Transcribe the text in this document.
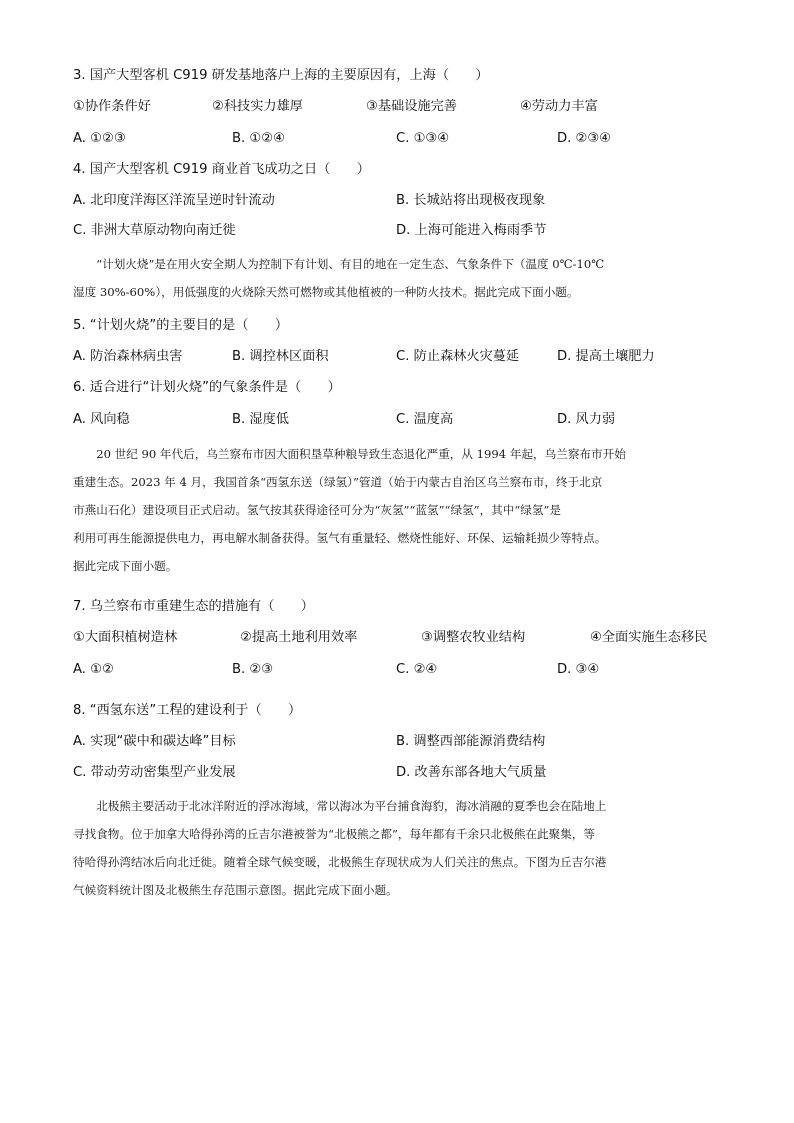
3. 国产大型客机 C919 研发基地落户上海的主要原因有，上海（　　）
①协作条件好	②科技实力雄厚	③基础设施完善	④劳动力丰富
A. ①②③	B. ①②④	C. ①③④	D. ②③④
4. 国产大型客机 C919 商业首飞成功之日（　　）
A. 北印度洋海区洋流呈逆时针流动	B. 长城站将出现极夜现象
C. 非洲大草原动物向南迁徙	D. 上海可能进入梅雨季节
“计划火烧”是在用火安全期人为控制下有计划、有目的地在一定生态、气象条件下（温度 0℃-10℃
湿度 30%-60%），用低强度的火烧除天然可燃物或其他植被的一种防火技术。据此完成下面小题。
5. “计划火烧”的主要目的是（　　）
A. 防治森林病虫害	B. 调控林区面积	C. 防止森林火灾蔓延	D. 提高土壤肥力
6. 适合进行“计划火烧”的气象条件是（　　）
A. 风向稳	B. 湿度低	C. 温度高	D. 风力弱
20 世纪 90 年代后，乌兰察布市因大面积垦草种粮导致生态退化严重，从 1994 年起，乌兰察布市开始
重建生态。2023 年 4 月，我国首条“西氢东送（绿氢）”管道（始于内蒙古自治区乌兰察布市，终于北京
市燕山石化）建设项目正式启动。氢气按其获得途径可分为“灰氢”“蓝氢”“绿氢”，其中“绿氢”是
利用可再生能源提供电力，再电解水制备获得。氢气有重量轻、燃烧性能好、环保、运输耗损少等特点。
据此完成下面小题。
7. 乌兰察布市重建生态的措施有（　　）
①大面积植树造林	②提高土地利用效率	③调整农牧业结构	④全面实施生态移民
A. ①②	B. ②③	C. ②④	D. ③④
8. “西氢东送”工程的建设利于（　　）
A. 实现“碳中和碳达峰”目标	B. 调整西部能源消费结构
C. 带动劳动密集型产业发展	D. 改善东部各地大气质量
北极熊主要活动于北冰洋附近的浮冰海域，常以海冰为平台捕食海豹，海冰消融的夏季也会在陆地上
寻找食物。位于加拿大哈得孙湾的丘吉尔港被誉为“北极熊之都”，每年都有千余只北极熊在此聚集，等
待哈得孙湾结冰后向北迁徙。随着全球气候变暖，北极熊生存现状成为人们关注的焦点。下图为丘吉尔港
气候资料统计图及北极熊生存范围示意图。据此完成下面小题。
